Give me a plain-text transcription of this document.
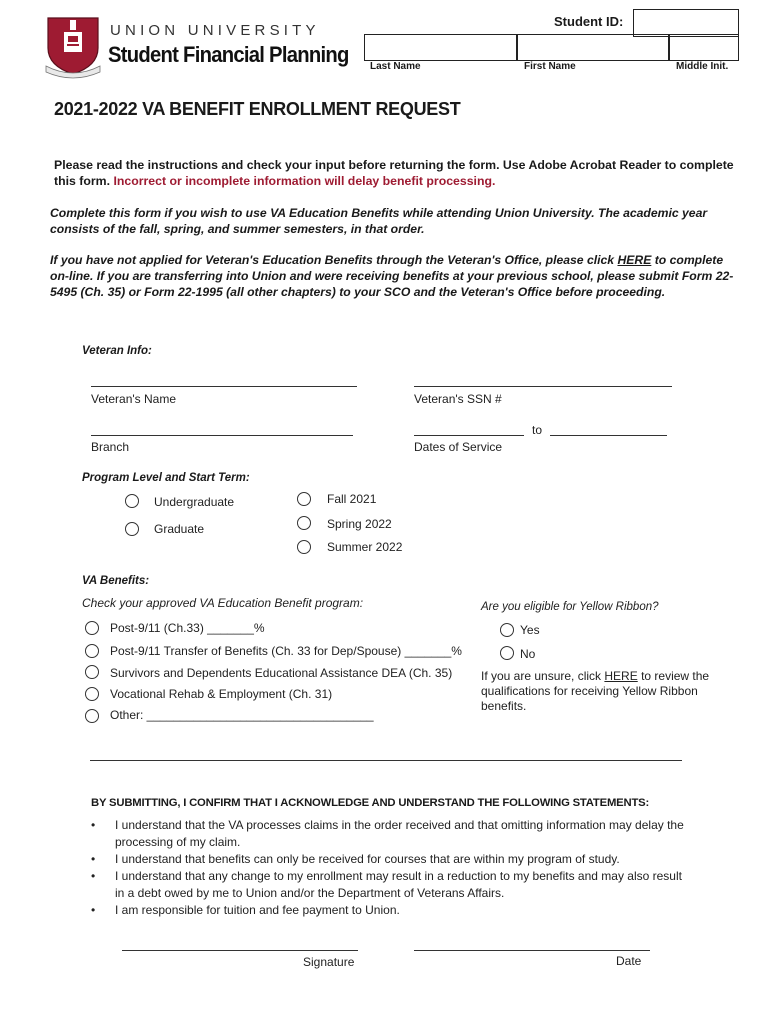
UNION UNIVERSITY
Student Financial Planning
Student ID:
Last Name	First Name	Middle Init.
2021-2022 VA BENEFIT ENROLLMENT REQUEST
Please read the instructions and check your input before returning the form. Use Adobe Acrobat Reader to complete this form. Incorrect or incomplete information will delay benefit processing.
Complete this form if you wish to use VA Education Benefits while attending Union University. The academic year consists of the fall, spring, and summer semesters, in that order.
If you have not applied for Veteran's Education Benefits through the Veteran's Office, please click HERE to complete on-line. If you are transferring into Union and were receiving benefits at your previous school, please submit Form 22-5495 (Ch. 35) or Form 22-1995 (all other chapters) to your SCO and the Veteran's Office before proceeding.
Veteran Info:
Veteran's Name	Veteran's SSN #
Branch
to
Dates of Service
Program Level and Start Term:
Undergraduate
Graduate
Fall 2021
Spring 2022
Summer 2022
VA Benefits:
Check your approved VA Education Benefit program:
Post-9/11 (Ch.33) _______%
Post-9/11 Transfer of Benefits (Ch. 33 for Dep/Spouse) _______%
Survivors and Dependents Educational Assistance DEA (Ch. 35)
Vocational Rehab & Employment (Ch. 31)
Other: __________________________________
Are you eligible for Yellow Ribbon?
Yes
No
If you are unsure, click HERE to review the qualifications for receiving Yellow Ribbon benefits.
BY SUBMITTING, I CONFIRM THAT I ACKNOWLEDGE AND UNDERSTAND THE FOLLOWING STATEMENTS:
• I understand that the VA processes claims in the order received and that omitting information may delay the processing of my claim.
• I understand that benefits can only be received for courses that are within my program of study.
• I understand that any change to my enrollment may result in a reduction to my benefits and may also result in a debt owed by me to Union and/or the Department of Veterans Affairs.
• I am responsible for tuition and fee payment to Union.
Signature	Date
